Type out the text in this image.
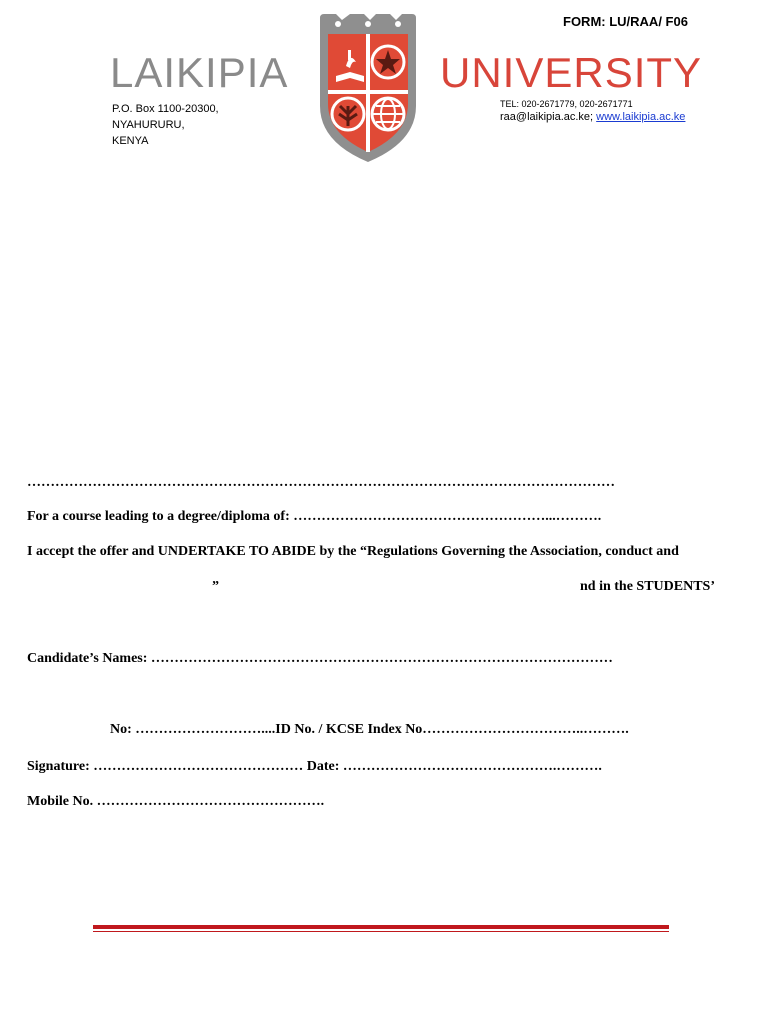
FORM: LU/RAA/ F06
LAIKIPIA	UNIVERSITY
P.O. Box 1100-20300,
NYAHURURU,
KENYA
TEL: 020-2671779, 020-2671771
raa@laikipia.ac.ke; www.laikipia.ac.ke
………………………………………………………………………………………………………………
For a course leading to a degree/diploma of: ………………………………………………...……….
I accept the offer and UNDERTAKE TO ABIDE by the “Regulations Governing the Association, conduct and
”	nd in the STUDENTS’
Candidate’s Names: ………………………………………………………………………………………
No: ………………………....ID No. / KCSE Index No……………………………..……….
Signature: ……………………………………… Date: ……………………………………….……….
Mobile No. ………………………………………….
